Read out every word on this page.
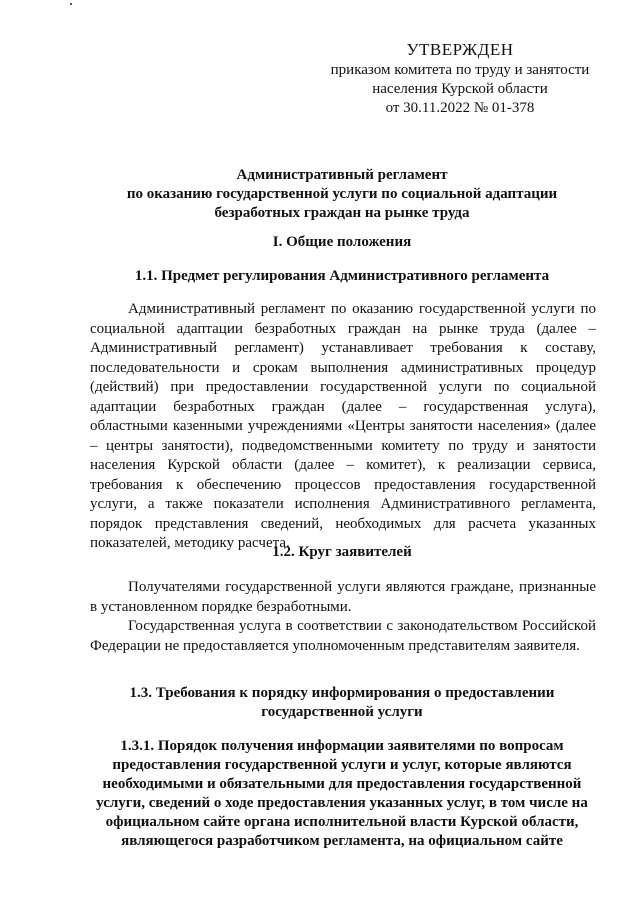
УТВЕРЖДЕН
приказом комитета по труду и занятости
населения Курской области
от 30.11.2022 № 01-378
Административный регламент
по оказанию государственной услуги по социальной адаптации
безработных граждан на рынке труда
I. Общие положения
1.1. Предмет регулирования Административного регламента
Административный регламент по оказанию государственной услуги по социальной адаптации безработных граждан на рынке труда (далее – Административный регламент) устанавливает требования к составу, последовательности и срокам выполнения административных процедур (действий) при предоставлении государственной услуги по социальной адаптации безработных граждан (далее – государственная услуга), областными казенными учреждениями «Центры занятости населения» (далее – центры занятости), подведомственными комитету по труду и занятости населения Курской области (далее – комитет), к реализации сервиса, требования к обеспечению процессов предоставления государственной услуги, а также показатели исполнения Административного регламента, порядок представления сведений, необходимых для расчета указанных показателей, методику расчета.
1.2. Круг заявителей
Получателями государственной услуги являются граждане, признанные в установленном порядке безработными.
Государственная услуга в соответствии с законодательством Российской Федерации не предоставляется уполномоченным представителям заявителя.
1.3. Требования к порядку информирования о предоставлении
государственной услуги
1.3.1. Порядок получения информации заявителями по вопросам
предоставления государственной услуги и услуг, которые являются
необходимыми и обязательными для предоставления государственной
услуги, сведений о ходе предоставления указанных услуг, в том числе на
официальном сайте органа исполнительной власти Курской области,
являющегося разработчиком регламента, на официальном сайте
